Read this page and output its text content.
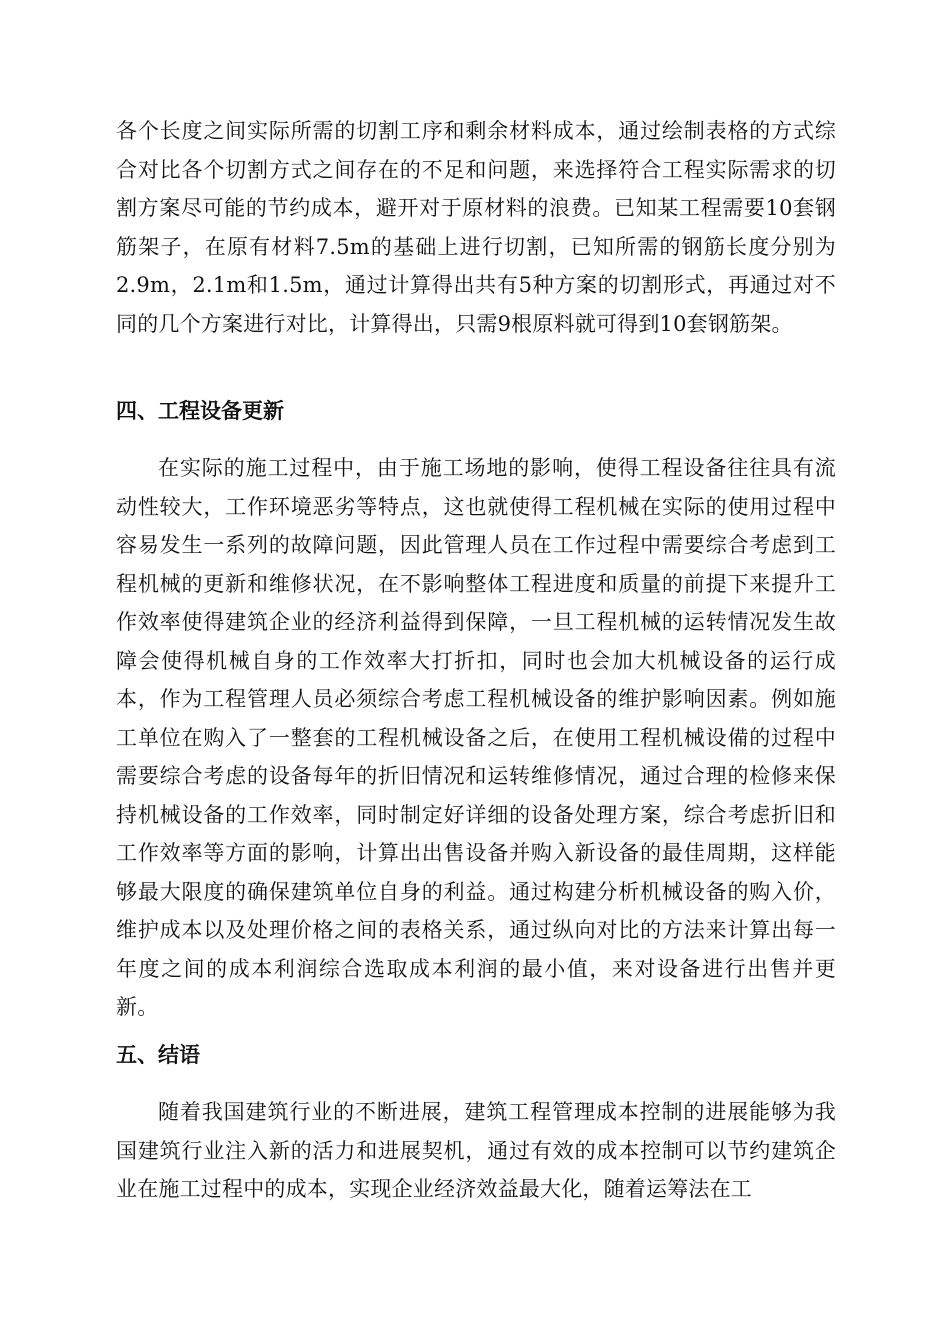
各个长度之间实际所需的切割工序和剩余材料成本，通过绘制表格的方式综合对比各个切割方式之间存在的不足和问题，来选择符合工程实际需求的切割方案尽可能的节约成本，避开对于原材料的浪费。已知某工程需要10套钢筋架子，在原有材料7.5m的基础上进行切割，已知所需的钢筋长度分别为2.9m，2.1m和1.5m，通过计算得出共有5种方案的切割形式，再通过对不同的几个方案进行对比，计算得出，只需9根原料就可得到10套钢筋架。

四、工程设备更新

在实际的施工过程中，由于施工场地的影响，使得工程设备往往具有流动性较大，工作环境恶劣等特点，这也就使得工程机械在实际的使用过程中容易发生一系列的故障问题，因此管理人员在工作过程中需要综合考虑到工程机械的更新和维修状况，在不影响整体工程进度和质量的前提下来提升工作效率使得建筑企业的经济利益得到保障，一旦工程机械的运转情况发生故障会使得机械自身的工作效率大打折扣，同时也会加大机械设备的运行成本，作为工程管理人员必须综合考虑工程机械设备的维护影响因素。例如施工单位在购入了一整套的工程机械设备之后，在使用工程机械设備的过程中需要综合考虑的设备每年的折旧情况和运转维修情况，通过合理的检修来保持机械设备的工作效率，同时制定好详细的设备处理方案，综合考虑折旧和工作效率等方面的影响，计算出出售设备并购入新设备的最佳周期，这样能够最大限度的确保建筑单位自身的利益。通过构建分析机械设备的购入价，维护成本以及处理价格之间的表格关系，通过纵向对比的方法来计算出每一年度之间的成本利润综合选取成本利润的最小值，来对设备进行出售并更新。

五、结语

随着我国建筑行业的不断进展，建筑工程管理成本控制的进展能够为我国建筑行业注入新的活力和进展契机，通过有效的成本控制可以节约建筑企业在施工过程中的成本，实现企业经济效益最大化，随着运筹法在工
